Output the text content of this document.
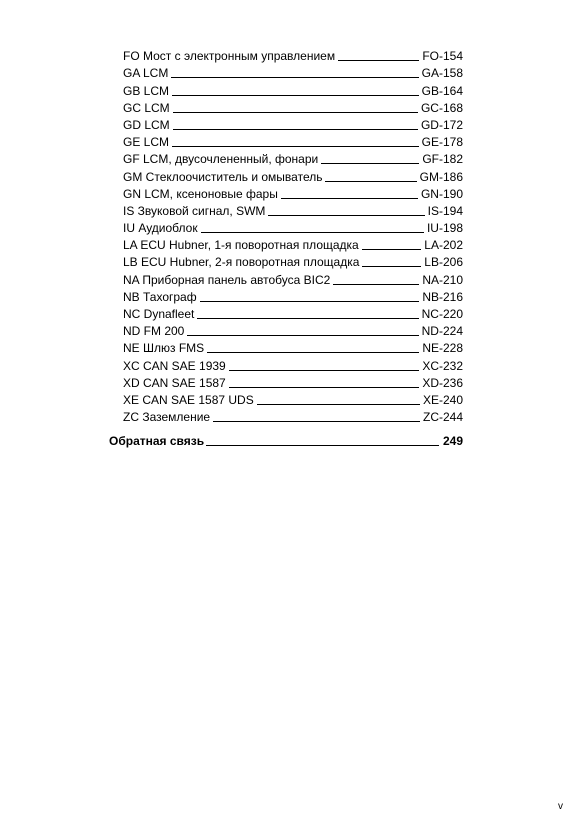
FO Мост с электронным управлением	FO-154
GA LCM	GA-158
GB LCM	GB-164
GC LCM	GC-168
GD LCM	GD-172
GE LCM	GE-178
GF LCM, двусочлененный, фонари	GF-182
GM Стеклоочиститель и омыватель	GM-186
GN LCM, ксеноновые фары	GN-190
IS Звуковой сигнал, SWM	IS-194
IU Аудиоблок	IU-198
LA ECU Hubner, 1-я поворотная площадка	LA-202
LB ECU Hubner, 2-я поворотная площадка	LB-206
NA Приборная панель автобуса BIC2	NA-210
NB Тахограф	NB-216
NC Dynafleet	NC-220
ND FM 200	ND-224
NE Шлюз FMS	NE-228
XC CAN SAE 1939	XC-232
XD CAN SAE 1587	XD-236
XE CAN SAE 1587 UDS	XE-240
ZC Заземление	ZC-244
Обратная связь	249
v
